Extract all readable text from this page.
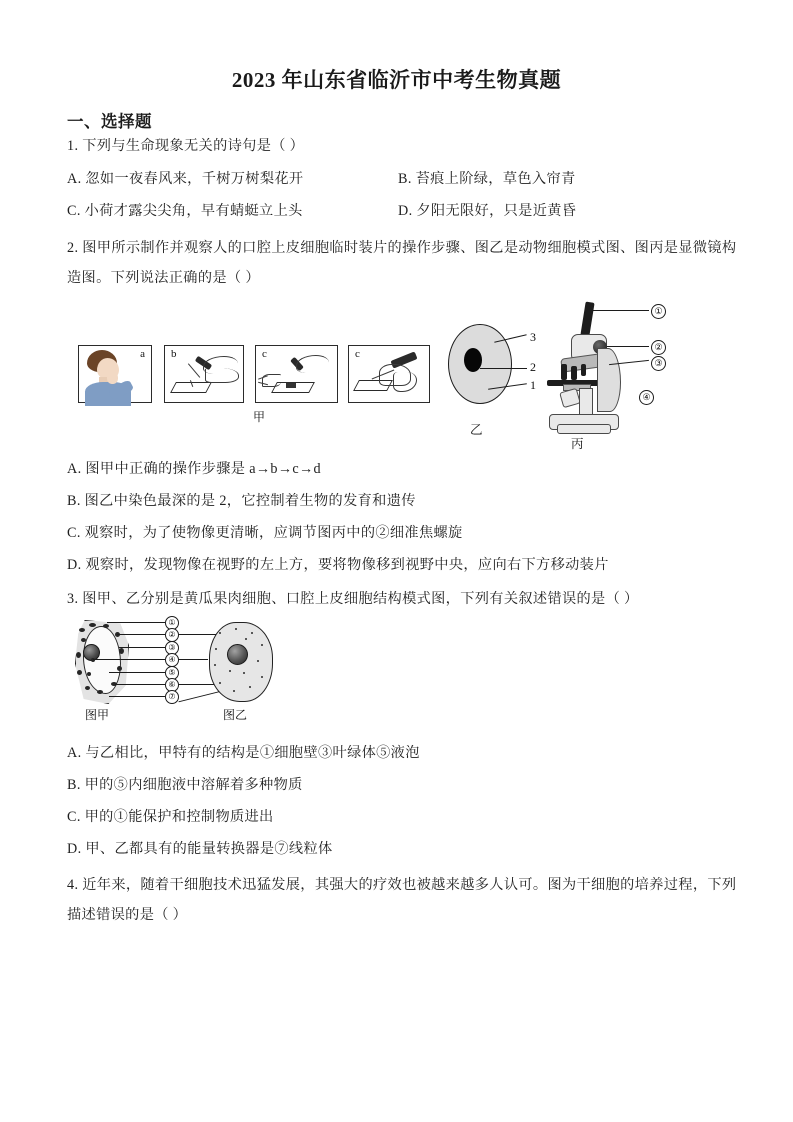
2023 年山东省临沂市中考生物真题
一、选择题
1. 下列与生命现象无关的诗句是（ ）
A. 忽如一夜春风来，千树万树梨花开	B. 苔痕上阶绿，草色入帘青
C. 小荷才露尖尖角，早有蜻蜓立上头	D. 夕阳无限好，只是近黄昏
2. 图甲所示制作并观察人的口腔上皮细胞临时装片的操作步骤、图乙是动物细胞模式图、图丙是显微镜构
造图。下列说法正确的是（ ）
a b	c	c
甲
3
2
1
乙
①
②
③
④
丙
A. 图甲中正确的操作步骤是 a→b→c→d
B. 图乙中染色最深的是 2，它控制着生物的发育和遗传
C. 观察时，为了使物像更清晰，应调节图丙中的②细准焦螺旋
D. 观察时，发现物像在视野的左上方，要将物像移到视野中央，应向右下方移动装片
3. 图甲、乙分别是黄瓜果肉细胞、口腔上皮细胞结构模式图，下列有关叙述错误的是（ ）
图甲
①
②
③
④
⑤
⑥
⑦
图乙
A. 与乙相比，甲特有的结构是①细胞壁③叶绿体⑤液泡
B. 甲的⑤内细胞液中溶解着多种物质
C. 甲的①能保护和控制物质进出
D. 甲、乙都具有的能量转换器是⑦线粒体
4. 近年来，随着干细胞技术迅猛发展，其强大的疗效也被越来越多人认可。图为干细胞的培养过程，下列
描述错误的是（ ）
